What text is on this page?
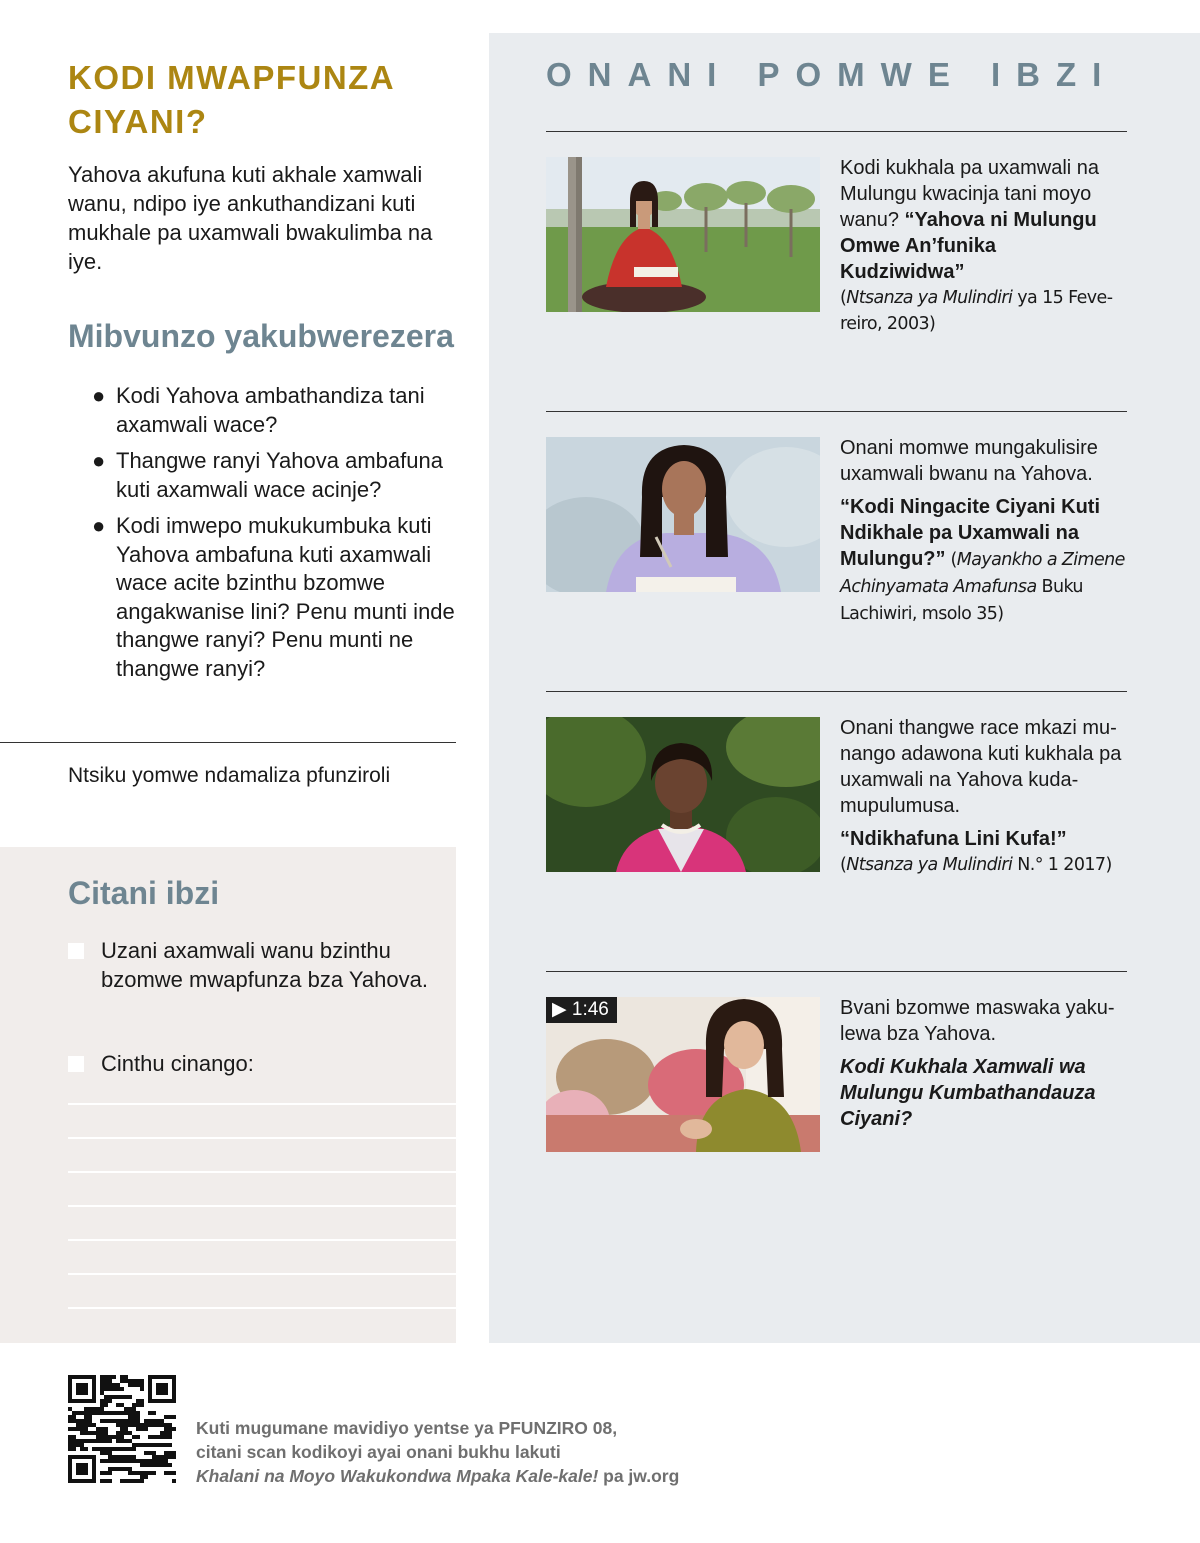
KODI MWAPFUNZA CIYANI?

Yahova akufuna kuti akhale xamwali wanu, ndipo iye ankuthandizani kuti mukhale pa uxamwali bwakulimba na iye.

Mibvunzo yakubwerezera
● Kodi Yahova ambathandiza tani axamwali wace?
● Thangwe ranyi Yahova ambafuna kuti axamwali wace acinje?
● Kodi imwepo mukukumbuka kuti Yahova ambafuna kuti axamwali wace acite bzinthu bzomwe angakwanise lini? Penu munti inde thangwe ranyi? Penu munti ne thangwe ranyi?
Ntsiku yomwe ndamaliza pfunziroli
Citani ibzi
Uzani axamwali wanu bzinthu bzomwe mwapfunza bza Yahova.
Cinthu cinango:
ONANI POMWE IBZI

Kodi kukhala pa uxamwali na Mulungu kwacinja tani moyo wanu? “Yahova ni Mulungu Omwe An’funika Kudziwidwa”

(Ntsanza ya Mulindiri ya 15 Fevereiro, 2003)

Onani momwe mungakulisire uxamwali bwanu na Yahova.

“Kodi Ningacite Ciyani Kuti Ndikhale pa Uxamwali na Mulungu?” (Mayankho a Zimene Achinyamata Amafunsa Buku Lachiwiri, msolo 35)

Onani thangwe race mkazi munango adawona kuti kukhala pa uxamwali na Yahova kudamupulumusa.

“Ndikhafuna Lini Kufa!”

(Ntsanza ya Mulindiri N.° 1 2017)

▶ 1:46	Bvani bzomwe maswaka yakulewa bza Yahova.

Kodi Kukhala Xamwali wa Mulungu Kumbathandauza Ciyani?

Kuti mugumane mavidiyo yentse ya PFUNZIRO 08,
citani scan kodikoyi ayai onani bukhu lakuti
Khalani na Moyo Wakukondwa Mpaka Kale-kale! pa jw.org
